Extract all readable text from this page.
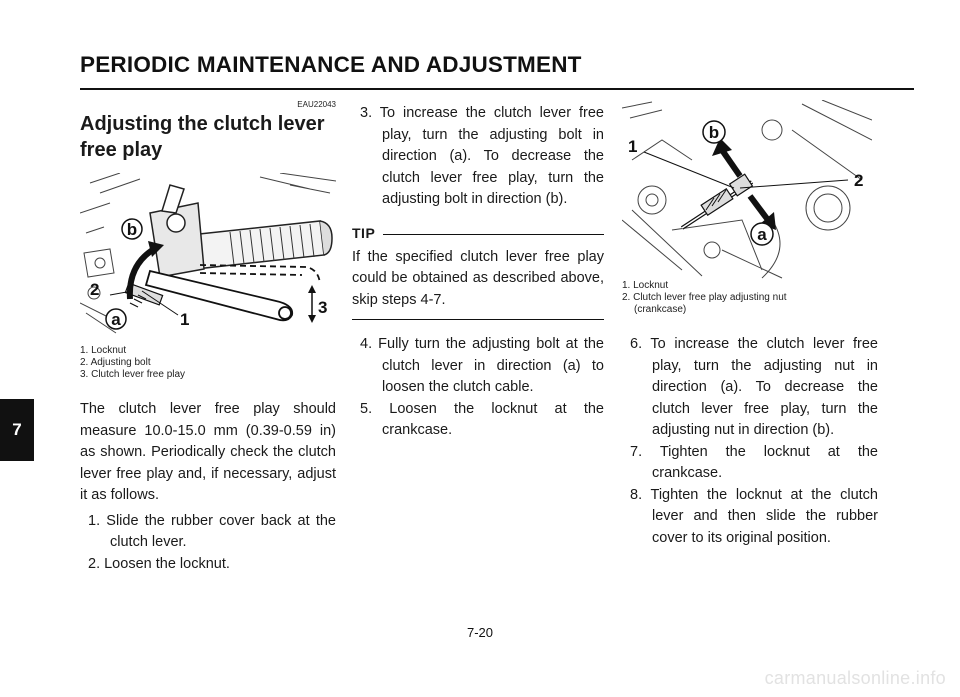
PERIODIC MAINTENANCE AND ADJUSTMENT
7
EAU22043
Adjusting the clutch lever free play
b
2
a	1
3
1. Locknut
2. Adjusting bolt
3. Clutch lever free play

The clutch lever free play should measure 10.0-15.0 mm (0.39-0.59 in) as shown. Periodically check the clutch lever free play and, if necessary, adjust it as follows.

1. Slide the rubber cover back at the clutch lever.
2. Loosen the locknut.
3. To increase the clutch lever free play, turn the adjusting bolt in direction (a). To decrease the clutch lever free play, turn the adjusting bolt in direction (b).
TIP

If the specified clutch lever free play could be obtained as described above, skip steps 4-7.

4. Fully turn the adjusting bolt at the clutch lever in direction (a) to loosen the clutch cable.
5. Loosen the locknut at the crankcase.
1
b
2
a
1. Locknut
2. Clutch lever free play adjusting nut
(crankcase)
6. To increase the clutch lever free play, turn the adjusting nut in direction (a). To decrease the clutch lever free play, turn the adjusting nut in direction (b).
7. Tighten the locknut at the crankcase.
8. Tighten the locknut at the clutch lever and then slide the rubber cover to its original position.
7-20
carmanualsonline.info
